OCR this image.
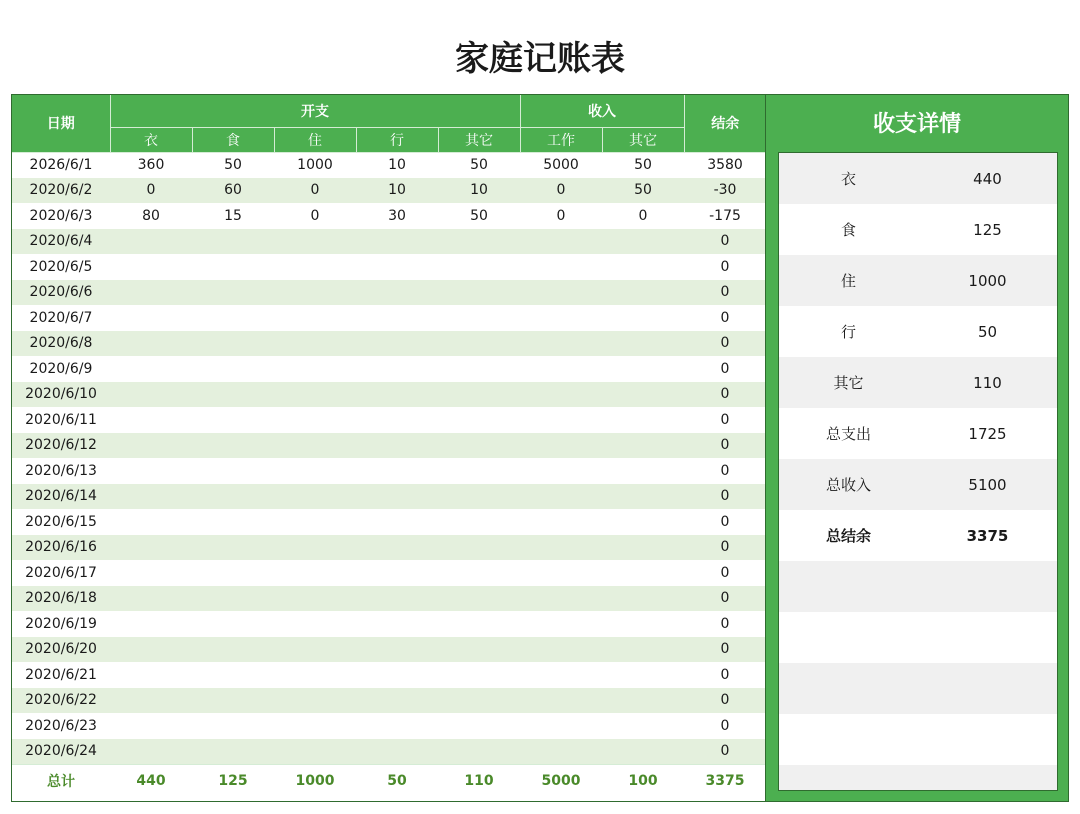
家庭记账表
日期	开支					收入		结余
	衣	食	住	行	其它	工作	其它	
2026/6/1	360	50	1000	10	50	5000	50	3580
2020/6/2	0	60	0	10	10	0	50	-30
2020/6/3	80	15	0	30	50	0	0	-175
2020/6/4								0
2020/6/5								0
2020/6/6								0
2020/6/7								0
2020/6/8								0
2020/6/9								0
2020/6/10								0
2020/6/11								0
2020/6/12								0
2020/6/13								0
2020/6/14								0
2020/6/15								0
2020/6/16								0
2020/6/17								0
2020/6/18								0
2020/6/19								0
2020/6/20								0
2020/6/21								0
2020/6/22								0
2020/6/23								0
2020/6/24								0
总计	440	125	1000	50	110	5000	100	3375
收支详情
衣	440
食	125
住	1000
行	50
其它	110
总支出	1725
总收入	5100
总结余	3375
